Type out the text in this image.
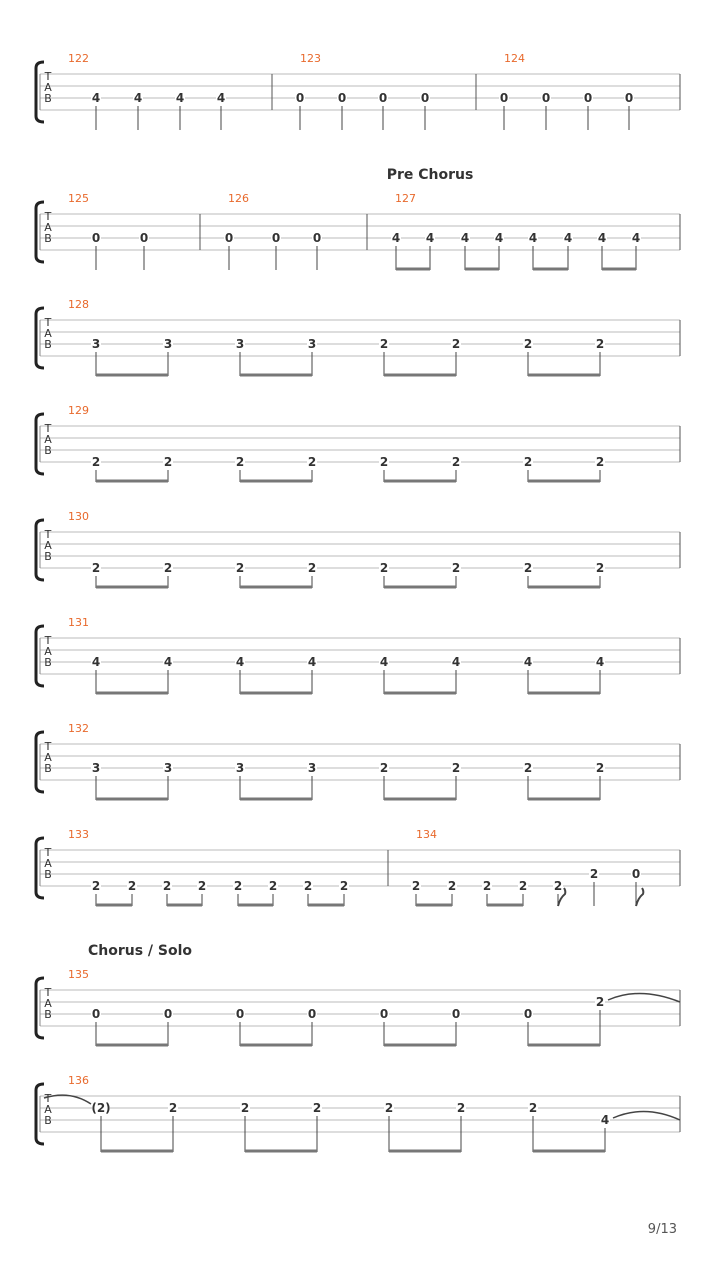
T
A
B
122
4	4	4	4
123
0	0	0	0
124
0	0	0	0
Pre Chorus
T
A
B
125
0	0
126
0	0	0
127
4 4 4 4 4 4 4 4
T
A
B
128
3	3	3	3	2	2	2	2
T
A
B
129
2	2	2	2	2	2	2	2
T
A
B
130
2	2	2	2	2	2	2	2
T
A
B
131
4	4	4	4	4	4	4	4
T
A
B
132
3	3	3	3	2	2	2	2
T
A
B
133
2 2 2 2 2 2 2 2
134
2 2 2 2 2
2	0
Chorus / Solo
T
A
B
135
0	0	0	0	0	0	0
2
T
A
B
136
(2)	2	2	2	2	2	2
4
9/13
